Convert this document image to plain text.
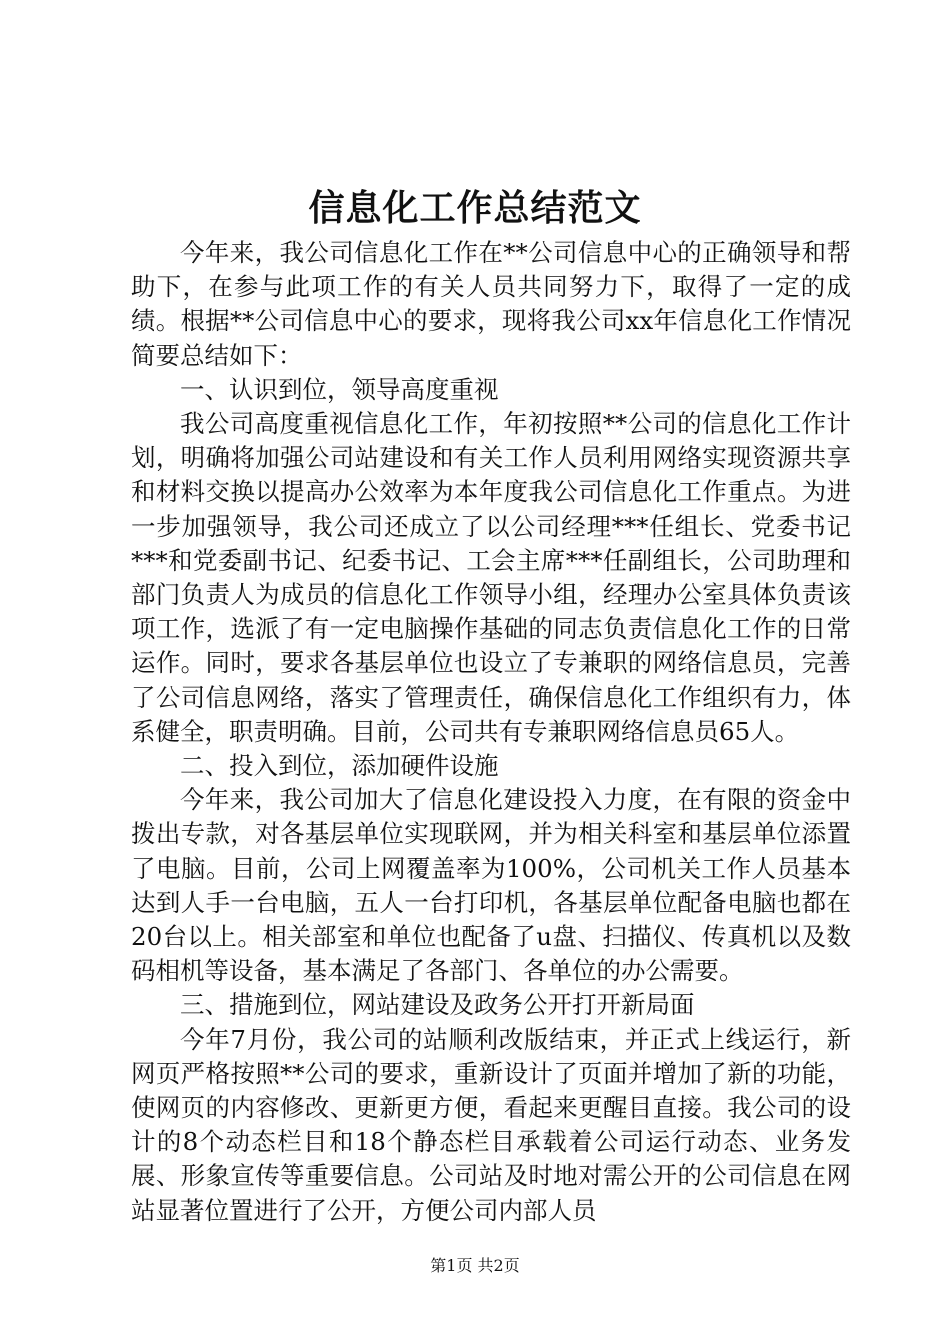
信息化工作总结范文

今年来，我公司信息化工作在**公司信息中心的正确领导和帮助下，在参与此项工作的有关人员共同努力下，取得了一定的成绩。根据**公司信息中心的要求，现将我公司xx年信息化工作情况简要总结如下：

一、认识到位，领导高度重视

我公司高度重视信息化工作，年初按照**公司的信息化工作计划，明确将加强公司站建设和有关工作人员利用网络实现资源共享和材料交换以提高办公效率为本年度我公司信息化工作重点。为进一步加强领导，我公司还成立了以公司经理***任组长、党委书记***和党委副书记、纪委书记、工会主席***任副组长，公司助理和部门负责人为成员的信息化工作领导小组，经理办公室具体负责该项工作，选派了有一定电脑操作基础的同志负责信息化工作的日常运作。同时，要求各基层单位也设立了专兼职的网络信息员，完善了公司信息网络，落实了管理责任，确保信息化工作组织有力，体系健全，职责明确。目前，公司共有专兼职网络信息员65人。

二、投入到位，添加硬件设施

今年来，我公司加大了信息化建设投入力度，在有限的资金中拨出专款，对各基层单位实现联网，并为相关科室和基层单位添置了电脑。目前，公司上网覆盖率为100%，公司机关工作人员基本达到人手一台电脑，五人一台打印机，各基层单位配备电脑也都在20台以上。相关部室和单位也配备了u盘、扫描仪、传真机以及数码相机等设备，基本满足了各部门、各单位的办公需要。

三、措施到位，网站建设及政务公开打开新局面

今年7月份，我公司的站顺利改版结束，并正式上线运行，新网页严格按照**公司的要求，重新设计了页面并增加了新的功能，使网页的内容修改、更新更方便，看起来更醒目直接。我公司的设计的8个动态栏目和18个静态栏目承载着公司运行动态、业务发展、形象宣传等重要信息。公司站及时地对需公开的公司信息在网站显著位置进行了公开，方便公司内部人员

第1页 共2页
